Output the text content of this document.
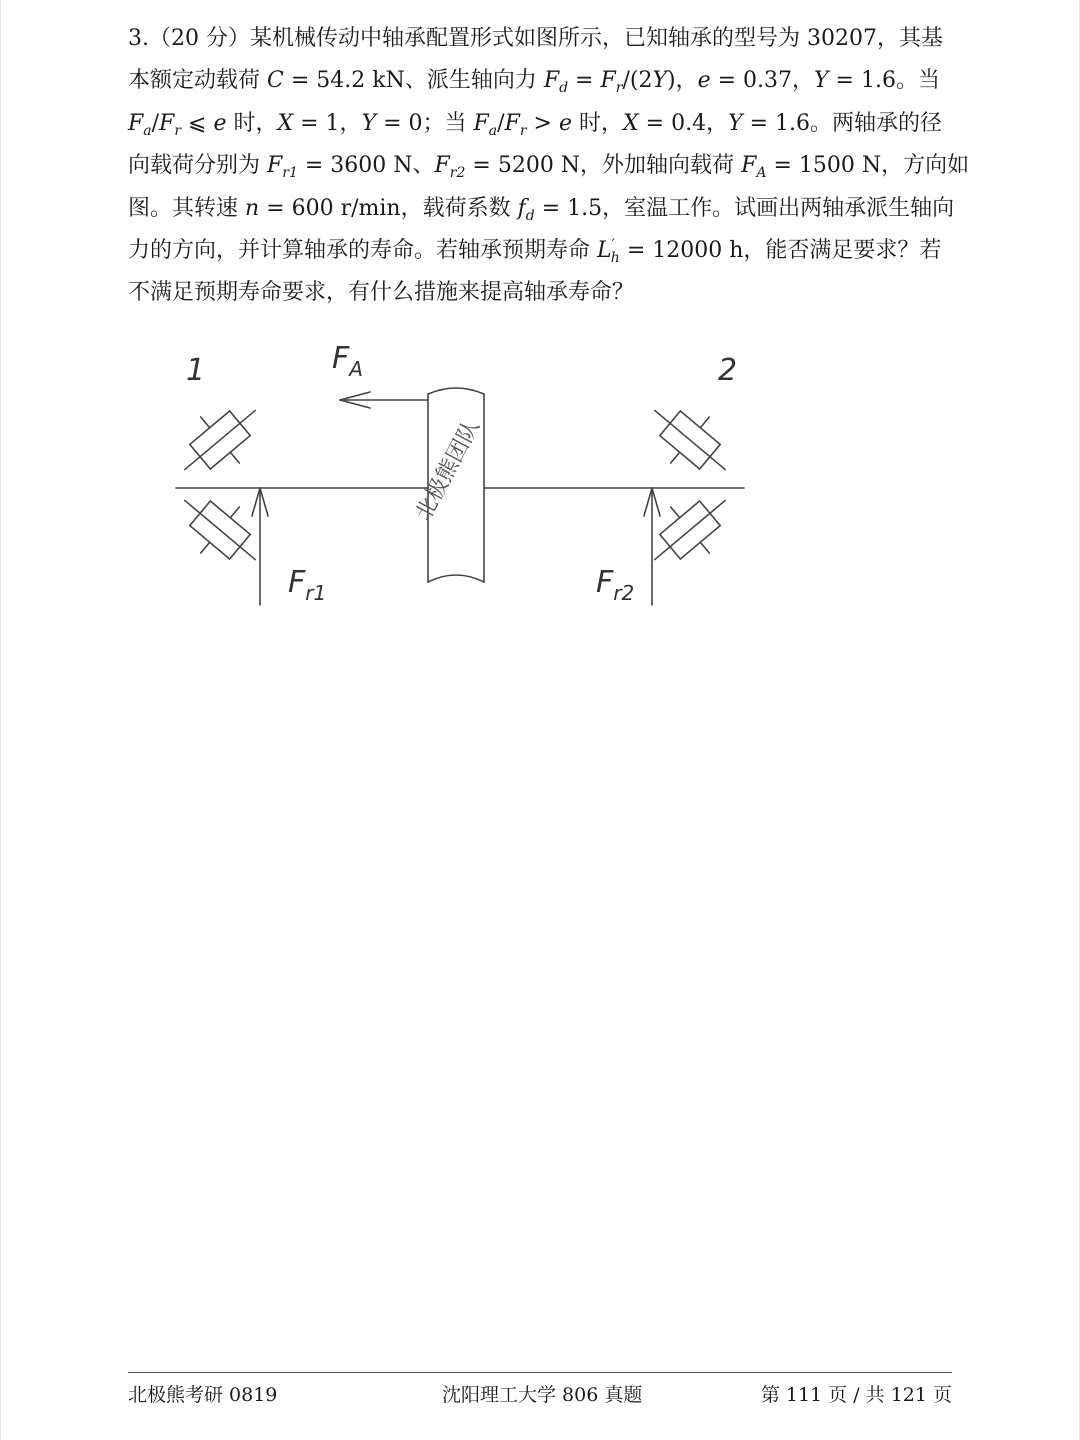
3.（20 分）某机械传动中轴承配置形式如图所示，已知轴承的型号为 30207，其基
本额定动载荷 C = 54.2 kN、派生轴向力 $F_d = F_r/(2Y)$，e = 0.37，Y = 1.6。当
$F_a/F_r$ ⩽ e 时，X = 1，Y = 0；当 $F_a/F_r > e$ 时，X = 0.4，Y = 1.6。两轴承的径
向载荷分别为 $F_{r1} = 3600$ N、$F_{r2} = 5200$ N，外加轴向载荷 $F_A = 1500$ N，方向如
图。其转速 n = 600 r/min，载荷系数 $f_d = 1.5$，室温工作。试画出两轴承派生轴向
力的方向，并计算轴承的寿命。若轴承预期寿命 $L'_h = 12000$ h，能否满足要求？若
不满足预期寿命要求，有什么措施来提高轴承寿命？

1	2
$F_A$
$F_{r1}$	$F_{r2}$
北极熊团队
北极熊考研 0819	沈阳理工大学 806 真题	第 111 页 / 共 121 页
